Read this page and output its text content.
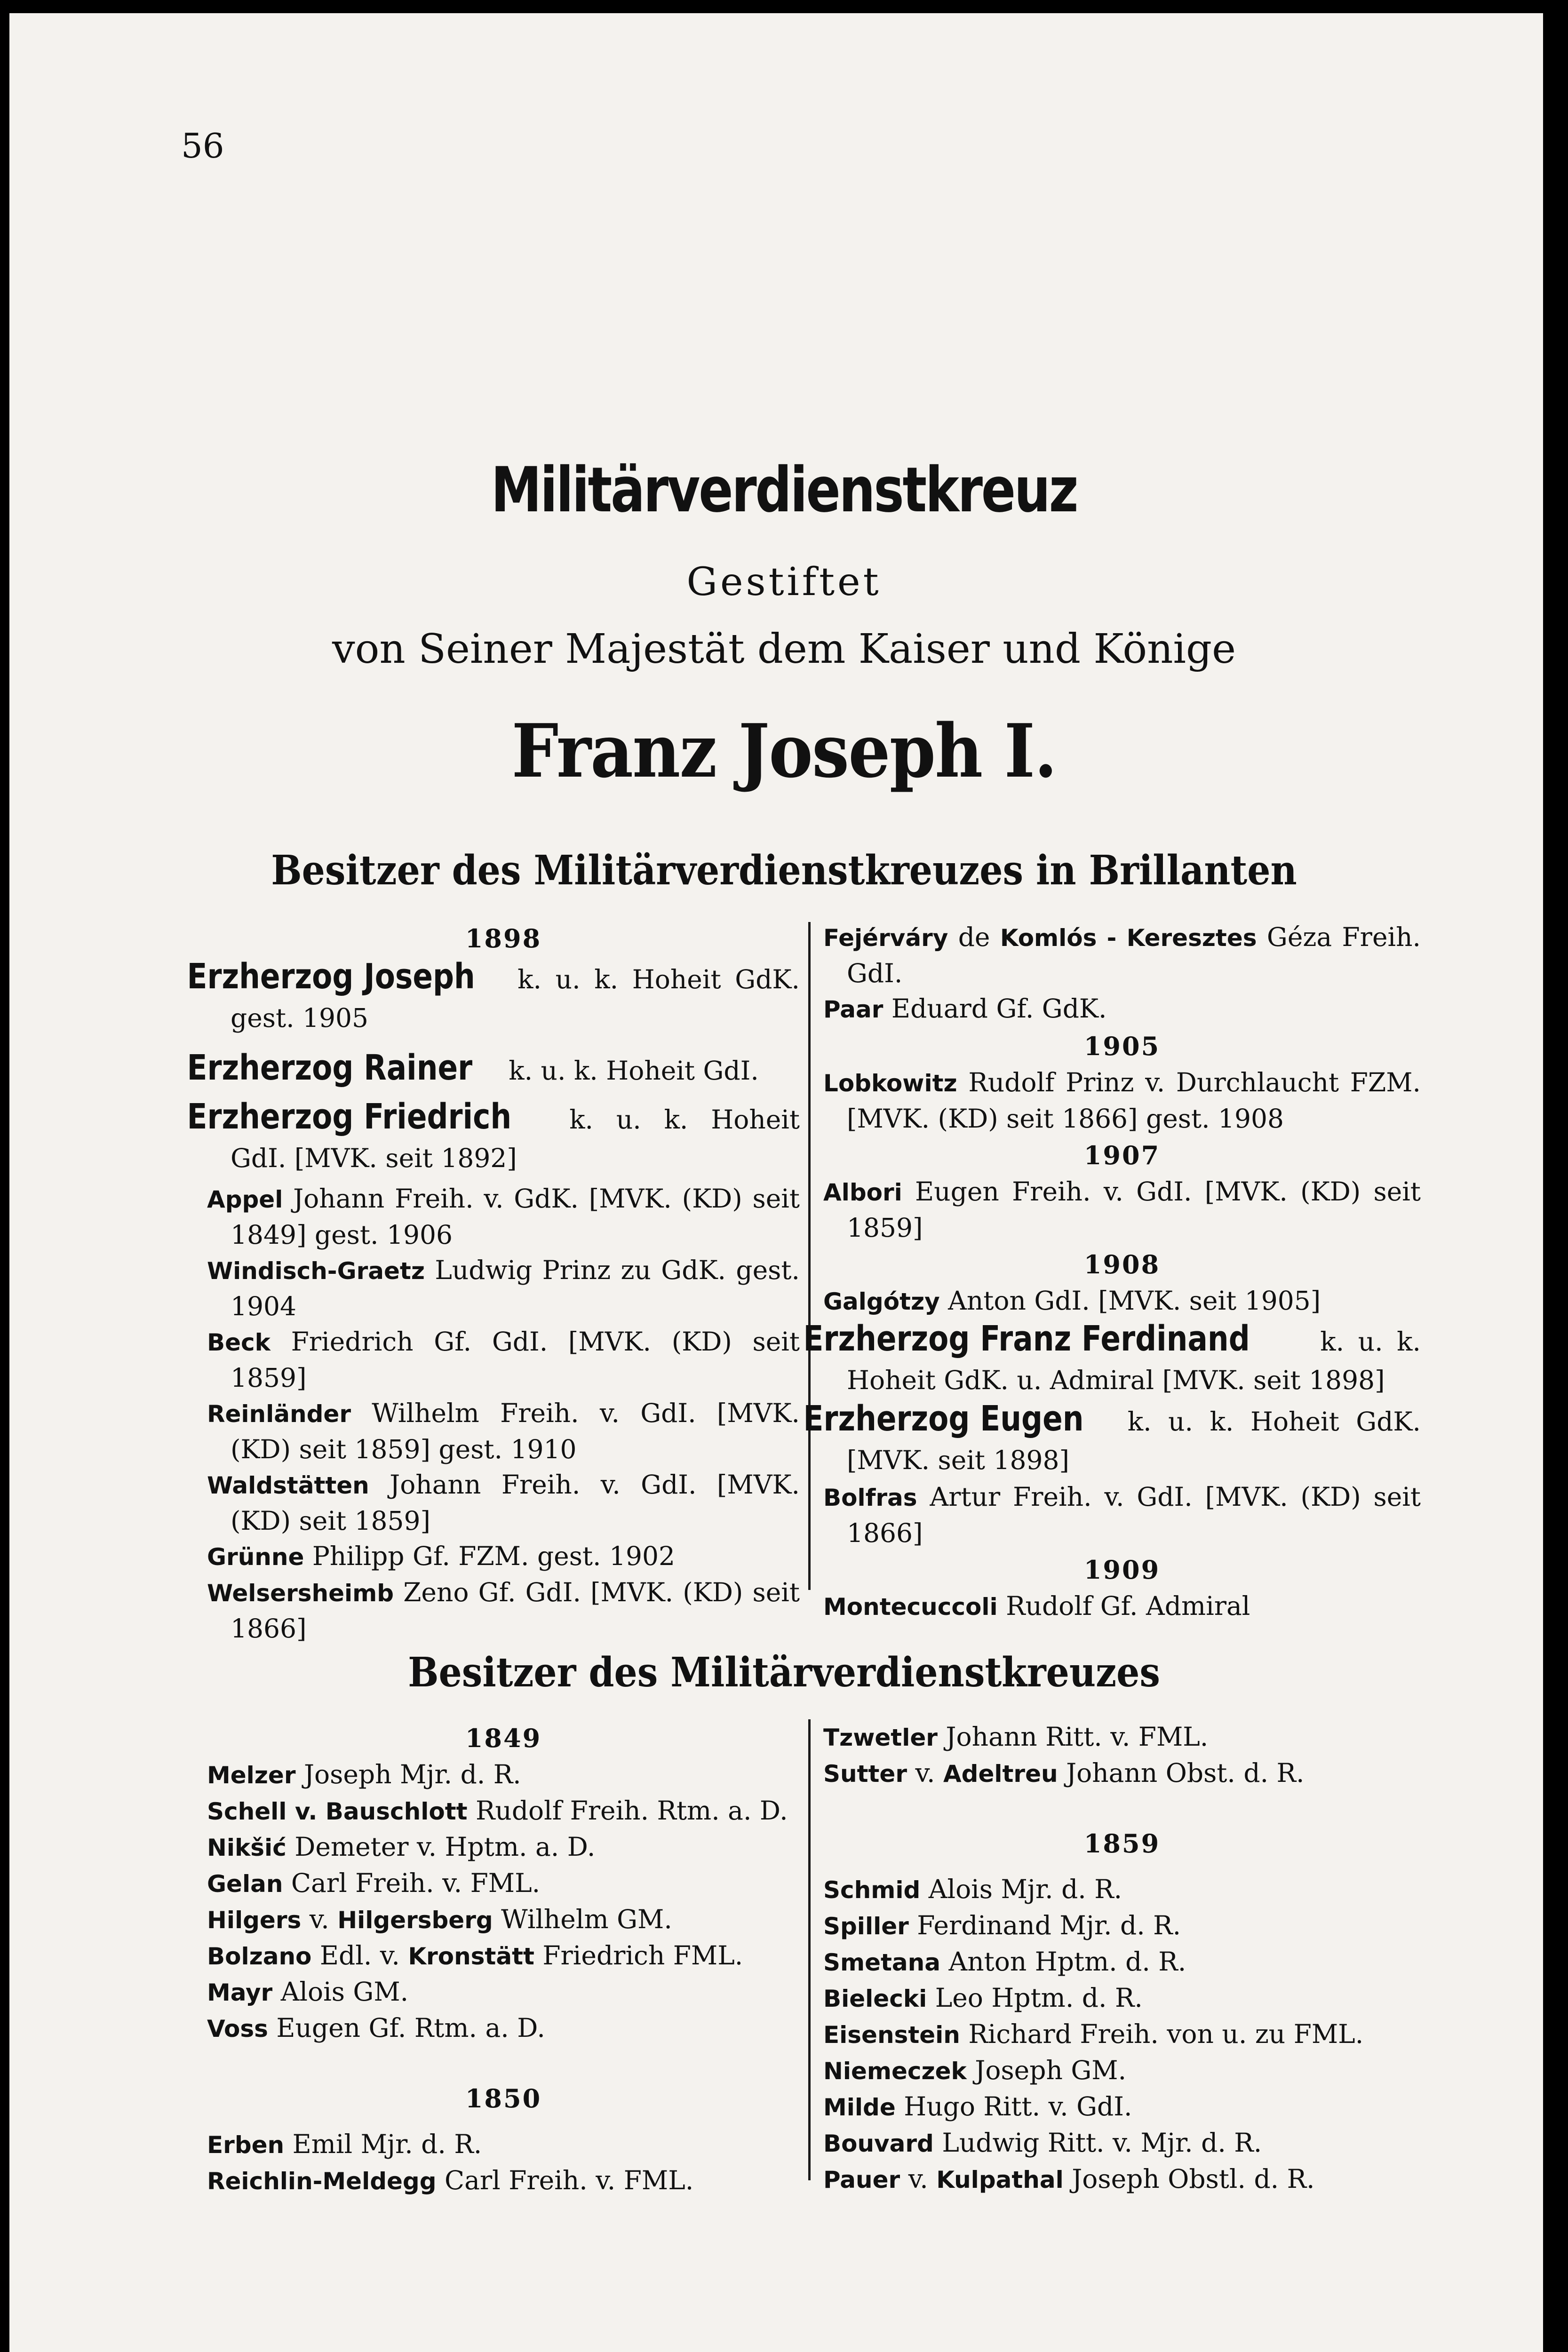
56

Militärverdienstkreuz

Gestiftet

von Seiner Majestät dem Kaiser und Könige

Franz Joseph I.

Besitzer des Militärverdienstkreuzes in Brillanten
1898
Erzherzog Joseph k. u. k. Hoheit GdK. gest. 1905
Erzherzog Rainer k. u. k. Hoheit GdI.
Erzherzog Friedrich k. u. k. Hoheit GdI. [MVK. seit 1892]
Appel Johann Freih. v. GdK. [MVK. (KD) seit 1849] gest. 1906
Windisch-Graetz Ludwig Prinz zu GdK. gest. 1904
Beck Friedrich Gf. GdI. [MVK. (KD) seit 1859]
Reinländer Wilhelm Freih. v. GdI. [MVK. (KD) seit 1859] gest. 1910
Waldstätten Johann Freih. v. GdI. [MVK. (KD) seit 1859]
Grünne Philipp Gf. FZM. gest. 1902
Welsersheimb Zeno Gf. GdI. [MVK. (KD) seit 1866]
Fejérváry de Komlós - Keresztes Géza Freih. GdI.
Paar Eduard Gf. GdK.
1905
Lobkowitz Rudolf Prinz v. Durchlaucht FZM. [MVK. (KD) seit 1866] gest. 1908
1907
Albori Eugen Freih. v. GdI. [MVK. (KD) seit 1859]
1908
Galgótzy Anton GdI. [MVK. seit 1905]
Erzherzog Franz Ferdinand k. u. k. Hoheit GdK. u. Admiral [MVK. seit 1898]
Erzherzog Eugen k. u. k. Hoheit GdK. [MVK. seit 1898]
Bolfras Artur Freih. v. GdI. [MVK. (KD) seit 1866]
1909
Montecuccoli Rudolf Gf. Admiral
Besitzer des Militärverdienstkreuzes
1849
Melzer Joseph Mjr. d. R.
Schell v. Bauschlott Rudolf Freih. Rtm. a. D.
Nikšić Demeter v. Hptm. a. D.
Gelan Carl Freih. v. FML.
Hilgers v. Hilgersberg Wilhelm GM.
Bolzano Edl. v. Kronstätt Friedrich FML.
Mayr Alois GM.
Voss Eugen Gf. Rtm. a. D.
1850
Erben Emil Mjr. d. R.
Reichlin-Meldegg Carl Freih. v. FML.
Tzwetler Johann Ritt. v. FML.
Sutter v. Adeltreu Johann Obst. d. R.
1859
Schmid Alois Mjr. d. R.
Spiller Ferdinand Mjr. d. R.
Smetana Anton Hptm. d. R.
Bielecki Leo Hptm. d. R.
Eisenstein Richard Freih. von u. zu FML.
Niemeczek Joseph GM.
Milde Hugo Ritt. v. GdI.
Bouvard Ludwig Ritt. v. Mjr. d. R.
Pauer v. Kulpathal Joseph Obstl. d. R.
